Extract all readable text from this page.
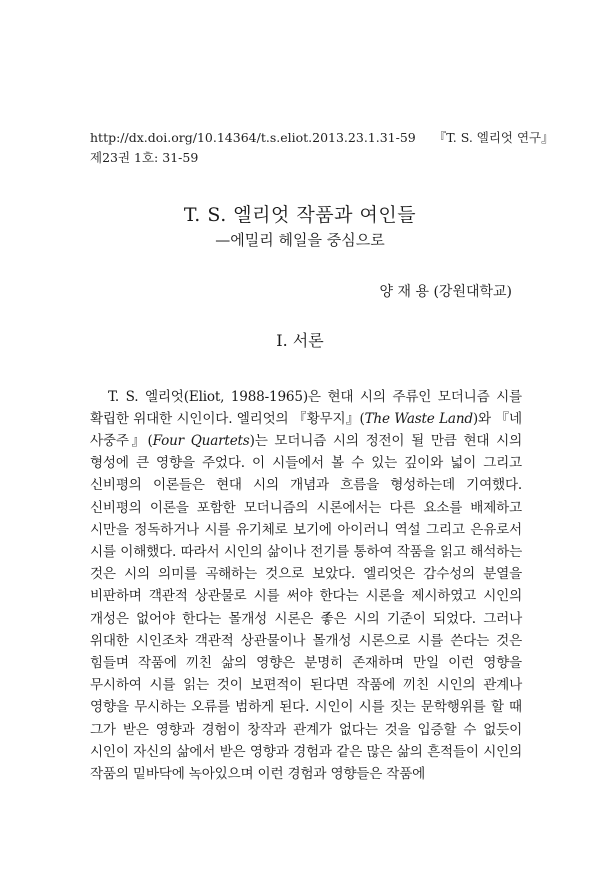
http://dx.doi.org/10.14364/t.s.eliot.2013.23.1.31-59 『T. S. 엘리엇 연구』
제23권 1호: 31-59
T. S. 엘리엇 작품과 여인들
—에밀리 헤일을 중심으로
양 재 용 (강원대학교)
Ⅰ. 서론

T. S. 엘리엇(Eliot, 1988-1965)은 현대 시의 주류인 모더니즘 시를 확립한 위대한 시인이다. 엘리엇의 『황무지』(The Waste Land)와 『네 사중주』(Four Quartets)는 모더니즘 시의 정전이 될 만큼 현대 시의 형성에 큰 영향을 주었다. 이 시들에서 볼 수 있는 깊이와 넓이 그리고 신비평의 이론들은 현대 시의 개념과 흐름을 형성하는데 기여했다. 신비평의 이론을 포함한 모더니즘의 시론에서는 다른 요소를 배제하고 시만을 정독하거나 시를 유기체로 보기에 아이러니 역설 그리고 은유로서 시를 이해했다. 따라서 시인의 삶이나 전기를 통하여 작품을 읽고 해석하는 것은 시의 의미를 곡해하는 것으로 보았다. 엘리엇은 감수성의 분열을 비판하며 객관적 상관물로 시를 써야 한다는 시론을 제시하였고 시인의 개성은 없어야 한다는 몰개성 시론은 좋은 시의 기준이 되었다. 그러나 위대한 시인조차 객관적 상관물이나 몰개성 시론으로 시를 쓴다는 것은 힘들며 작품에 끼친 삶의 영향은 분명히 존재하며 만일 이런 영향을 무시하여 시를 읽는 것이 보편적이 된다면 작품에 끼친 시인의 관계나 영향을 무시하는 오류를 범하게 된다. 시인이 시를 짓는 문학행위를 할 때 그가 받은 영향과 경험이 창작과 관계가 없다는 것을 입증할 수 없듯이 시인이 자신의 삶에서 받은 영향과 경험과 같은 많은 삶의 흔적들이 시인의 작품의 밑바닥에 녹아있으며 이런 경험과 영향들은 작품에
